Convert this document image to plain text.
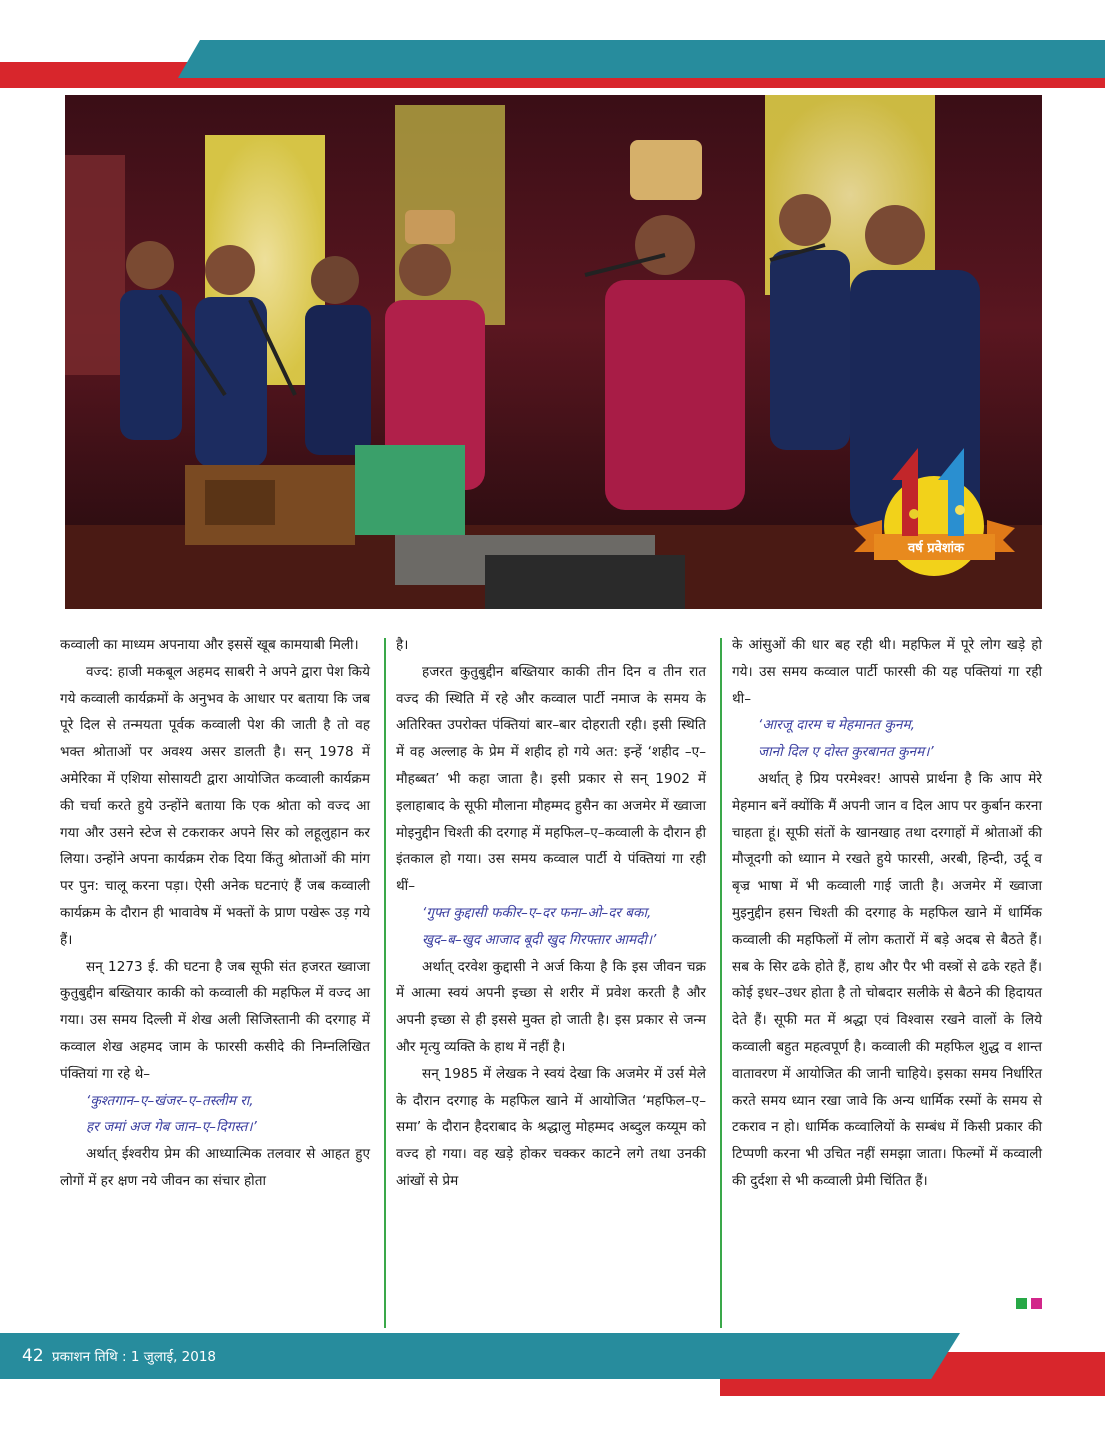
वर्ष प्रवेशांक

कव्वाली का माध्यम अपनाया और इससें खूब कामयाबी मिली।

वज्द: हाजी मकबूल अहमद साबरी ने अपने द्वारा पेश किये गये कव्वाली कार्यक्रमों के अनुभव के आधार पर बताया कि जब पूरे दिल से तन्मयता पूर्वक कव्वाली पेश की जाती है तो वह भक्त श्रोताओं पर अवश्य असर डालती है। सन् 1978 में अमेरिका में एशिया सोसायटी द्वारा आयोजित कव्वाली कार्यक्रम की चर्चा करते हुये उन्होंने बताया कि एक श्रोता को वज्द आ गया और उसने स्टेज से टकराकर अपने सिर को लहूलुहान कर लिया। उन्होंने अपना कार्यक्रम रोक दिया किंतु श्रोताओं की मांग पर पुन: चालू करना पड़ा। ऐसी अनेक घटनाएं हैं जब कव्वाली कार्यक्रम के दौरान ही भावावेष में भक्तों के प्राण पखेरू उड़ गये हैं।

सन् 1273 ई. की घटना है जब सूफी संत हजरत ख्वाजा कुतुबुद्दीन बख्तियार काकी को कव्वाली की महफिल में वज्द आ गया। उस समय दिल्ली में शेख अली सिजिस्तानी की दरगाह में कव्वाल शेख अहमद जाम के फारसी कसीदे की निम्नलिखित पंक्तियां गा रहे थे–

‘कुश्तगान–ए–खंजर–ए–तस्लीम रा,

हर जमां अज गेब जान–ए–दिगस्त।’

अर्थात् ईश्वरीय प्रेम की आध्यात्मिक तलवार से आहत हुए लोगों में हर क्षण नये जीवन का संचार होता

है।

हजरत कुतुबुद्दीन बख्तियार काकी तीन दिन व तीन रात वज्द की स्थिति में रहे और कव्वाल पार्टी नमाज के समय के अतिरिक्त उपरोक्त पंक्तियां बार–बार दोहराती रही। इसी स्थिति में वह अल्लाह के प्रेम में शहीद हो गये अत: इन्हें ‘शहीद –ए–मौहब्बत’ भी कहा जाता है। इसी प्रकार से सन् 1902 में इलाहाबाद के सूफी मौलाना मौहम्मद हुसैन का अजमेर में ख्वाजा मोइनुद्दीन चिश्ती की दरगाह में महफिल–ए–कव्वाली के दौरान ही इंतकाल हो गया। उस समय कव्वाल पार्टी ये पंक्तियां गा रही थीं–

‘गुफ्त कुद्दासी फकीर–ए–दर फना–ओ–दर बका,

खुद–ब–खुद आजाद बूदी खुद गिरफ्तार आमदी।’

अर्थात् दरवेश कुद्दासी ने अर्ज किया है कि इस जीवन चक्र में आत्मा स्वयं अपनी इच्छा से शरीर में प्रवेश करती है और अपनी इच्छा से ही इससे मुक्त हो जाती है। इस प्रकार से जन्म और मृत्यु व्यक्ति के हाथ में नहीं है।

सन् 1985 में लेखक ने स्वयं देखा कि अजमेर में उर्स मेले के दौरान दरगाह के महफिल खाने में आयोजित ‘महफिल–ए–समा’ के दौरान हैदराबाद के श्रद्धालु मोहम्मद अब्दुल कय्यूम को वज्द हो गया। वह खड़े होकर चक्कर काटने लगे तथा उनकी आंखों से प्रेम

के आंसुओं की धार बह रही थी। महफिल में पूरे लोग खड़े हो गये। उस समय कव्वाल पार्टी फारसी की यह पक्तियां गा रही थी–

‘आरजू दारम च मेहमानत कुनम,

जानो दिल ए दोस्त कुरबानत कुनम।’

अर्थात् हे प्रिय परमेश्वर! आपसे प्रार्थना है कि आप मेरे मेहमान बनें क्योंकि मैं अपनी जान व दिल आप पर कुर्बान करना चाहता हूं। सूफी संतों के खानखाह तथा दरगाहों में श्रोताओं की मौजूदगी को ध्याान मे रखते हुये फारसी, अरबी, हिन्दी, उर्दू व बृज्र भाषा में भी कव्वाली गाई जाती है। अजमेर में ख्वाजा मुइनुद्दीन हसन चिश्ती की दरगाह के महफिल खाने में धार्मिक कव्वाली की महफिलों में लोग कतारों में बड़े अदब से बैठते हैं। सब के सिर ढके होते हैं, हाथ और पैर भी वस्त्रों से ढके रहते हैं। कोई इधर–उधर होता है तो चोबदार सलीके से बैठने की हिदायत देते हैं। सूफी मत में श्रद्धा एवं विश्वास रखने वालों के लिये कव्वाली बहुत महत्वपूर्ण है। कव्वाली की महफिल शुद्ध व शान्त वातावरण में आयोजित की जानी चाहिये। इसका समय निर्धारित करते समय ध्यान रखा जावे कि अन्य धार्मिक रस्मों के समय से टकराव न हो। धार्मिक कव्वालियों के सम्बंध में किसी प्रकार की टिप्पणी करना भी उचित नहीं समझा जाता। फिल्मों में कव्वाली की दुर्दशा से भी कव्वाली प्रेमी चिंतित हैं।

42 प्रकाशन तिथि : 1 जुलाई, 2018
